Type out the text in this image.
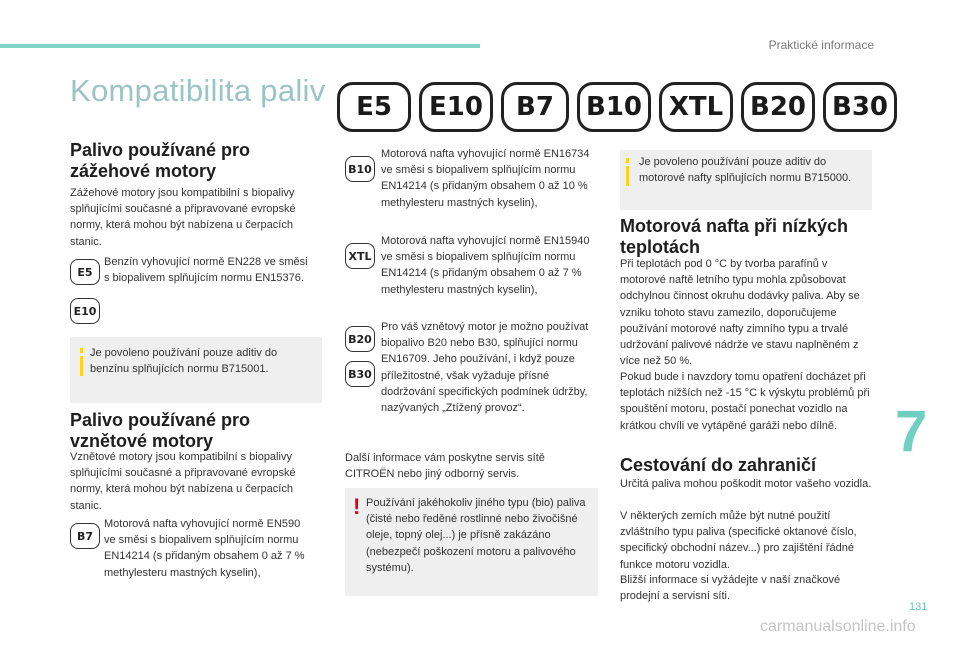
Praktické informace
Kompatibilita paliv	E5	E10	B7	B10	XTL	B20	B30
Palivo používané pro zážehové motory
Zážehové motory jsou kompatibilní s biopalivy splňujícími současné a připravované evropské normy, která mohou být nabízena u čerpacích stanic.
E5
E10
Benzín vyhovující normě EN228 ve směsi s biopalivem splňujícím normu EN15376.
Je povoleno používání pouze aditiv do benzínu splňujících normu B715001.
Palivo používané pro vznětové motory
Vznětové motory jsou kompatibilní s biopalivy splňujícími současné a připravované evropské normy, která mohou být nabízena u čerpacích stanic.
B7
Motorová nafta vyhovující normě EN590 ve směsi s biopalivem splňujícím normu EN14214 (s přidaným obsahem 0 až 7 % methylesteru mastných kyselin),
B10
Motorová nafta vyhovující normě EN16734 ve směsi s biopalivem splňujícím normu EN14214 (s přidaným obsahem 0 až 10 % methylesteru mastných kyselin),
XTL
Motorová nafta vyhovující normě EN15940 ve směsi s biopalivem splňujícím normu EN14214 (s přidaným obsahem 0 až 7 % methylesteru mastných kyselin),
B20
B30
Pro váš vznětový motor je možno používat biopalivo B20 nebo B30, splňující normu EN16709. Jeho používání, i když pouze příležitostné, však vyžaduje přísné dodržování specifických podmínek údržby, nazývaných „Ztížený provoz“.
Další informace vám poskytne servis sítě CITROËN nebo jiný odborný servis.
! Používání jakéhokoliv jiného typu (bio) paliva (čisté nebo ředěné rostlinné nebo živočišné oleje, topný olej...) je přísně zakázáno (nebezpečí poškození motoru a palivového systému).
Je povoleno používání pouze aditiv do motorové nafty splňujících normu B715000.
Motorová nafta při nízkých teplotách
Při teplotách pod 0 °C by tvorba parafínů v motorové naftě letního typu mohla způsobovat odchylnou činnost okruhu dodávky paliva. Aby se vzniku tohoto stavu zamezilo, doporučujeme používání motorové nafty zimního typu a trvalé udržování palivové nádrže ve stavu naplněném z více než 50 %.
Pokud bude i navzdory tomu opatření docházet při teplotách nižších než -15 °C k výskytu problémů při spouštění motoru, postačí ponechat vozidlo na krátkou chvíli ve vytápěné garáži nebo dílně.
Cestování do zahraničí
Určitá paliva mohou poškodit motor vašeho vozidla.
V některých zemích může být nutné použití zvláštního typu paliva (specifické oktanové číslo, specifický obchodní název...) pro zajištění řádné funkce motoru vozidla.
Bližší informace si vyžádejte v naší značkové prodejní a servisní síti.
7
131
carmanualsonline.info
